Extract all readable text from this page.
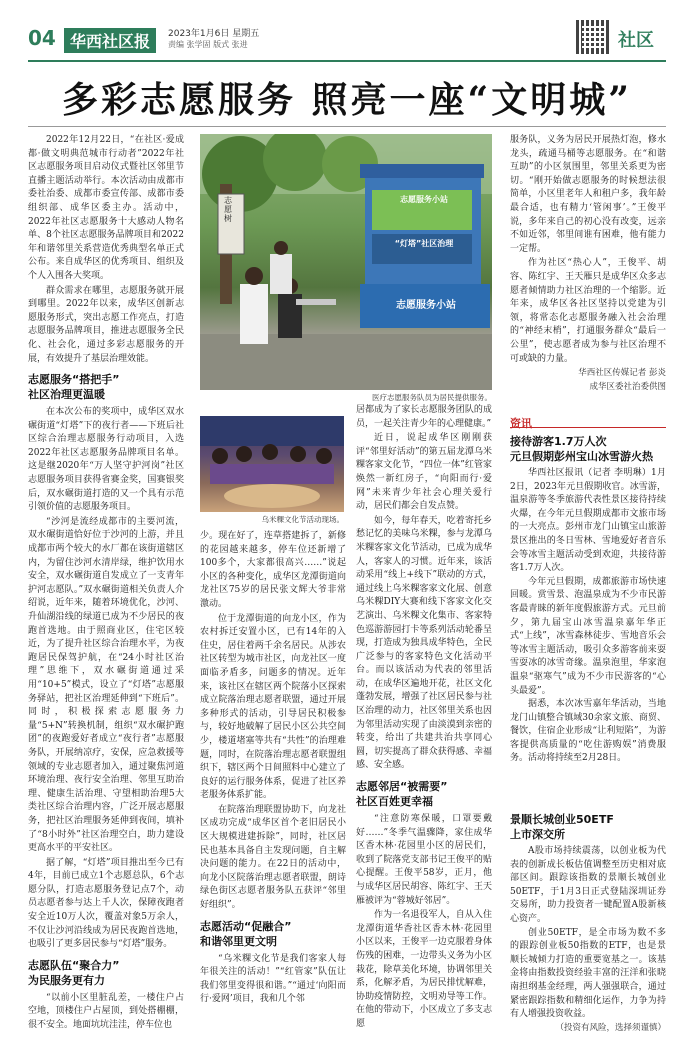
04 华西社区报	2023年1月6日 星期五
责编 张学固 版式 张进	社区
多彩志愿服务 照亮一座“文明城”

2022年12月22日，“在社区·爱成都·做文明典范城市行动者”2022年社区志愿服务项目启动仪式暨社区邻里节直播主题活动举行。本次活动由成都市委社治委、成都市委宣传部、成都市委组织部、成华区委主办。活动中，2022年社区志愿服务十大感动人物名单、8个社区志愿服务品牌项目和2022年和谐邻里关系营造优秀典型名单正式公布。来自成华区的优秀项目、组织及个人入围各大奖项。

群众需求在哪里，志愿服务就开展到哪里。2022年以来，成华区创新志愿服务形式，突出志愿工作亮点，打造志愿服务品牌项目，推进志愿服务全民化、社会化，通过多彩志愿服务的开展，有效提升了基层治理效能。

志愿服务“搭把手”
社区治理更温暖

在本次公布的奖项中，成华区双水碾街道“灯塔”下的夜行者——下班后社区综合治理志愿服务行动项目，入选2022年社区志愿服务品牌项目名单。这是继2020年“万人坚守护河岗”社区志愿服务项目获得省赛金奖，国赛银奖后，双水碾街道打造的又一个具有示范引领价值的志愿服务项目。

“沙河是流经成都市的主要河流，双水碾街道恰好位于沙河的上游，并且成都市两个较大的水厂都在该街道辖区内，为留住沙河水清岸绿，维护饮用水安全，双水碾街道自发成立了一支青年护河志愿队。”双水碾街道相关负责人介绍说，近年来，随着环境优化，沙河、升仙湖沿线的绿道已成为不少居民的夜跑首选地。由于照商业区，住宅区较近，为了提升社区综合治理水平，为夜跑居民保驾护航，在“24小时社区治理”思维下，双水碾街道通过采用“10+5”模式，设立了“灯塔”志愿服务驿站，把社区治理延伸到“下班后”。同时，积极探索志愿服务力量“5+N”转换机制，组织“双水碾护跑团”的夜跑爱好者成立“夜行者”志愿服务队，开展纳凉疗，安保，应急救援等领域的专业志愿者加入，通过聚焦河道环境治理、夜行安全治理、邻里互助治理、健康生活治理、守望相助治理5大类社区综合治理内容，广泛开展志愿服务，把社区治理服务延伸到夜间，填补了“8小时外”社区治理空白，助力建设更高水平的平安社区。

据了解，“灯塔”项目推出至今已有4年，目前已成立1个志愿总队，6个志愿分队，打造志愿服务登记点7个，动员志愿者参与达上千人次，保障夜跑者安全近10万人次，覆盖对象5万余人，不仅让沙河沿线成为居民夜跑首选地，也吸引了更多居民参与“灯塔”服务。

志愿队伍“聚合力”
为民服务更有力

“以前小区里脏乱差，一楼住户占空地，顶楼住户占屋顶，到处搭棚棚，很不安全。地面坑坑洼洼，停车位也

志愿树
志愿服务小站
“灯塔”社区治理
志愿服务小站
医疗志愿服务队员为居民提供服务。

居都成为了家长志愿服务团队的成员，一起关注青少年的心理健康。”

近日，说起成华区刚刚获评“邻里好活动”的第五届龙潭乌米粿客家文化节，“四位一体”红管家焕然一新红房子，“向阳而行·爱网”未来青少年社会心理关爱行动，居民们都会自发点赞。

如今，每年春天，吃着寄托乡愁记忆的美味乌米粿，参与龙潭乌米粿客家文化节活动，已成为成华人，客家人的习惯。近年来，该活动采用“线上+线下”联动的方式，通过线上乌米粿客家文化展、创意乌米粿DIY大赛和线下客家文化交艺演出、乌米粿文化集市、客家特色巡游游园打卡等系列活动轮番呈现，打造成为独具成华特色，全民广泛参与的客家特色文化活动平台。而以该活动为代表的邻里活动，在成华区遍地开花，社区文化蓬勃发展，增强了社区居民参与社区治理的动力，社区邻里关系也因为邻里活动实现了由淡漠到亲密的转变，给出了共建共治共享同心圆，切实提高了群众获得感、幸福感、安全感。

志愿邻居“被需要”
社区百姓更幸福

“注意防寒保暖，口罩要戴好……”冬季气温骤降，家住成华区香木林·花园里小区的居民们，收到了院落党支部书记王俊平的贴心提醒。王俊平58岁，正月，他与成华区居民胡容、陈红宇、王天雁被评为“蓉城好邻居”。

作为一名退役军人，自从入住龙潭街道华香社区香木林·花园里小区以来，王俊平一边克服着身体伤残的困难，一边带头义务为小区栽花，除草美化环境，协调邻里关系，化解矛盾，为居民排忧解难，协助疫情防控，文明劝导等工作。在他的带动下，小区成立了多支志愿

乌米粿文化节活动现场。

少。现在好了，连草搭建拆了，新修的花园越来越多，停车位还新增了100多个，大家都很高兴……”说起小区的各种变化，成华区龙潭街道向龙社区75岁的居民张文辉大爷非常激动。

位于龙潭街道的向龙小区，作为农村拆迁安置小区，已有14年的入住史，居住着两千余名居民。从涉农社区转型为城市社区，向龙社区一度面临矛盾多，问题多的情况。近年来，该社区在辖区两个院落小区探索成立院落治理志愿者联盟，通过开展多种形式的活动，引导居民积极参与，较好地破解了居民小区公共空间少，楼道堵塞等共有“共性”的治理难题，同时，在院落治理志愿者联盟组织下，辖区两个日间照料中心建立了良好的运行服务体系，促进了社区养老服务体系扩能。

在院落治理联盟协助下，向龙社区成功完成“成华区首个老旧居民小区大规模进建拆除”，同时，社区居民也基本具备自主发现问题，自主解决问题的能力。在22日的活动中，向龙小区院落治理志愿者联盟，朗诗绿色街区志愿者服务队五获评“邻里好组织”。

志愿活动“促融合”
和谐邻里更文明

“乌米粿文化节是我们客家人每年很关注的活动！”“红管家”队伍让我们邻里变得很和谐。”“通过‘向阳而行·爱网’项目，我和几个邻

服务队，义务为居民开展热灯泡，修水龙头，疏通马桶等志愿服务。在“和谐互助”的小区氛围里，邻里关系更为密切。“刚开始做志愿服务的时候想法很简单，小区里老年人和租户多，我年龄最合适，也有精力‘管闲事’。”王俊平说，多年来自己的初心没有改变，远亲不如近邻，邻里间谁有困难，他有能力一定帮。

作为社区“热心人”，王俊平、胡容、陈红宇、王天雁只是成华区众多志愿者倾情助力社区治理的一个缩影。近年来，成华区各社区坚持以党建为引领，将常态化志愿服务融入社会治理的“神经末梢”，打通服务群众“最后一公里”，使志愿者成为参与社区治理不可或缺的力量。

华西社区传媒记者 彭炎

成华区委社治委供图

资讯
接待游客1.7万人次
元旦假期彭州宝山冰雪游火热

华西社区报讯（记者 李明琳）1月2日，2023年元旦假期收官。冰雪游，温泉游等冬季旅游代表性景区接待持续火爆，在今年元旦假期成都市文旅市场的一大亮点。彭州市龙门山镇宝山旅游景区推出的冬日雪林、雪地爱好者音乐会等冰雪主题活动受到欢迎，共接待游客1.7万人次。

今年元旦假期，成都旅游市场快速回暖。赏雪景、泡温泉成为不少市民游客最青睐的新年度假旅游方式。元旦前夕，第九届宝山冰雪温泉嘉年华正式“上线”，冰雪森林徒步、雪地音乐会等冰雪主题活动，吸引众多游客前来耍雪耍冰的冰雪奇缘。温泉泡里，华家泡温泉“驱寒气”成为不少市民游客的“心头最爱”。

据悉，本次冰雪嘉年华活动，当地龙门山镇整合镇域30余家文旅、商贸、餐饮，住宿企业形成“让利短陷”，为游客提供高质量的“吃住游购娱”消费服务。活动将持续至2月28日。

景顺长城创业50ETF
上市深交所

A股市场持续震荡，以创业板为代表的创新成长板估值调整至历史相对底部区间。跟踪该指数的景顺长城创业50ETF，于1月3日正式登陆深圳证券交易所，助力投资者一键配置A股新核心资产。

创业50ETF，是全市场为数不多的跟踪创业板50指数的ETF，也是景顺长城倾力打造的重要宽基之一。该基金将由指数投资经验丰富的汪洋和张晓南担纲基金经理，两人强强联合，通过紧密跟踪指数和精细化运作，力争为持有人增强投资收益。

（投资有风险，选择须谨慎）
